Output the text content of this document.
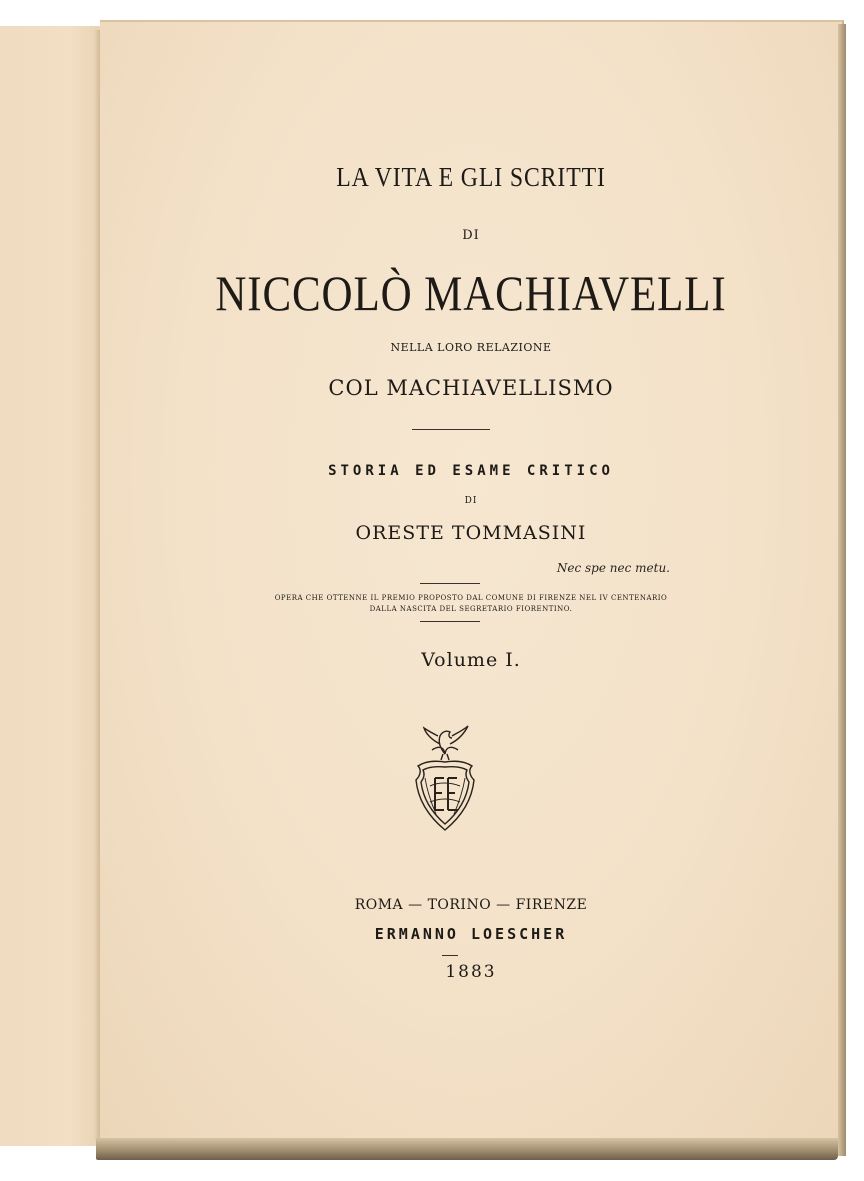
LA VITA E GLI SCRITTI

DI

NICCOLÒ MACHIAVELLI

NELLA LORO RELAZIONE

COL MACHIAVELLISMO

STORIA ED ESAME CRITICO

DI

ORESTE TOMMASINI

Nec spe nec metu.

OPERA CHE OTTENNE IL PREMIO PROPOSTO DAL COMUNE DI FIRENZE NEL IV CENTENARIO

DALLA NASCITA DEL SEGRETARIO FIORENTINO.

Volume I.

ROMA — TORINO — FIRENZE

ERMANNO LOESCHER

1883
